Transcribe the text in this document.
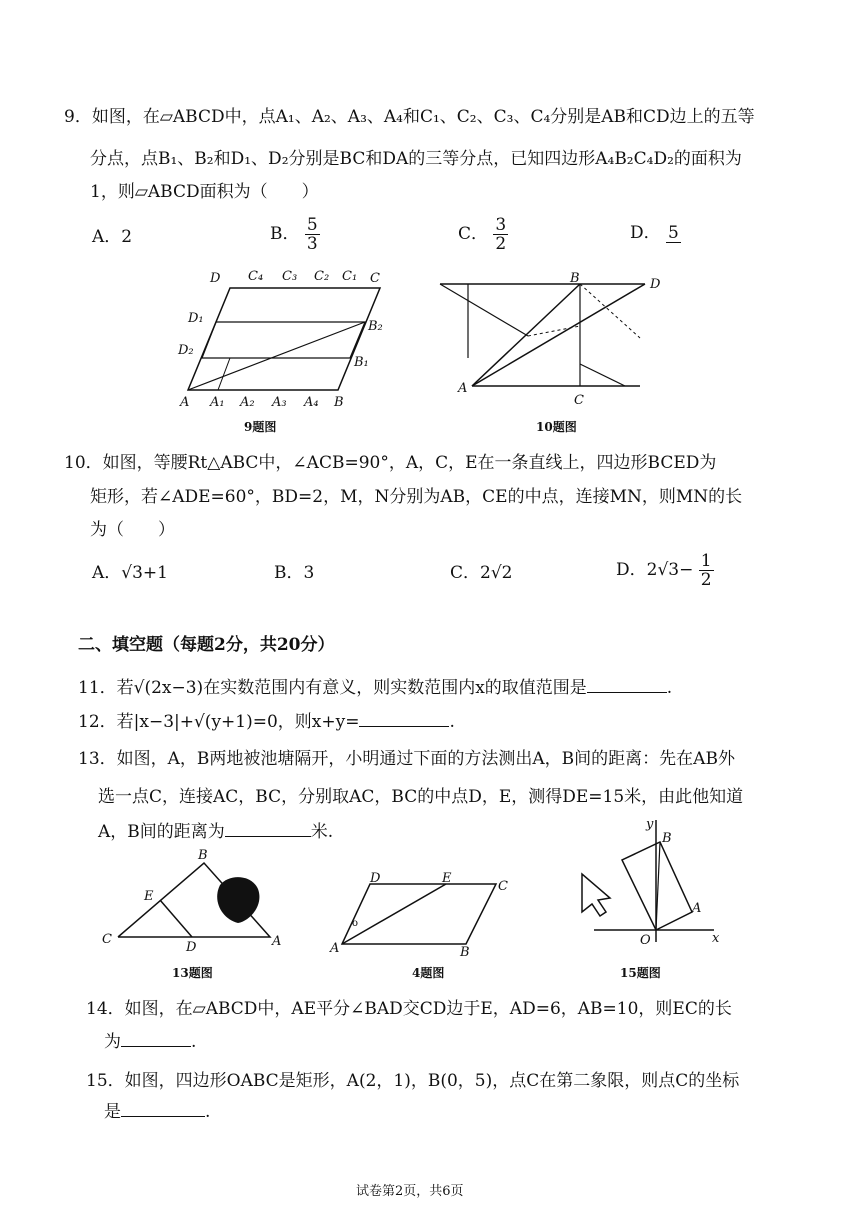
9．如图，在▱ABCD中，点A₁、A₂、A₃、A₄和C₁、C₂、C₃、C₄分别是AB和CD边上的五等
分点，点B₁、B₂和D₁、D₂分别是BC和DA的三等分点，已知四边形A₄B₂C₄D₂的面积为
1，则▱ABCD面积为（　　）
A．2	B． $\frac{5}{3}$	C． $\frac{3}{2}$	D． 5
D C₄ C₃ C₂ C₁ C
D₁
B₂
D₂
B₁
A A₁ A₂ A₃ A₄ B
9题图
B	D
A
C
10题图
10．如图，等腰Rt△ABC中，∠ACB=90°，A，C，E在一条直线上，四边形BCED为
矩形，若∠ADE=60°，BD=2，M，N分别为AB，CE的中点，连接MN，则MN的长
为（　　）
A．√3+1	B．3	C．2√2	D．$2√3- \frac{1}{2}$
二、填空题（每题2分，共20分）
11．若√(2x−3)在实数范围内有意义，则实数范围内x的取值范围是	.
12．若|x−3|+√(y+1)=0，则x+y=	.
13．如图，A，B两地被池塘隔开，小明通过下面的方法测出A，B间的距离：先在AB外
选一点C，连接AC，BC，分别取AC，BC的中点D，E，测得DE=15米，由此他知道
A，B间的距离为	米.
B
E
C
D	A
13题图
o
D	E
C
A	B
4题图
y
B
A
O	x
15题图
14．如图，在▱ABCD中，AE平分∠BAD交CD边于E，AD=6，AB=10，则EC的长
为	.
15．如图，四边形OABC是矩形，A(2，1)，B(0，5)，点C在第二象限，则点C的坐标
是	.
试卷第2页，共6页
